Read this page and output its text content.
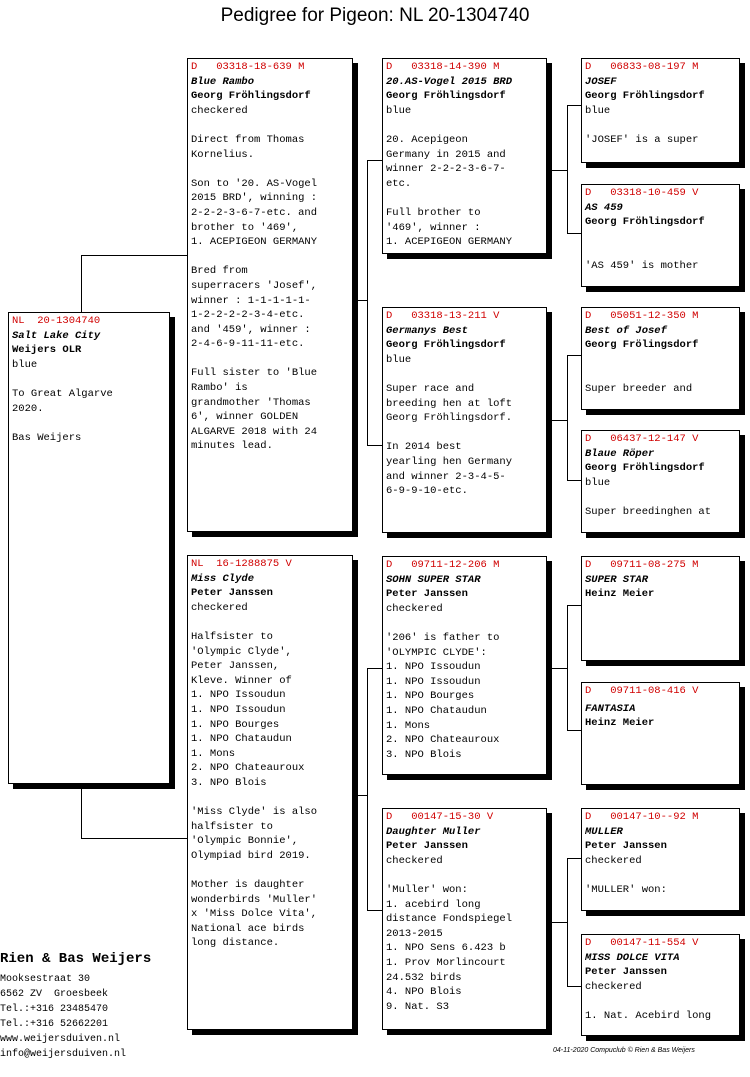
Pedigree for Pigeon: NL 20-1304740
NL  20-1304740
Salt Lake City
Weijers OLR
blue

To Great Algarve
2020.

Bas Weijers
D   03318-18-639 M
Blue Rambo
Georg Fröhlingsdorf
checkered

Direct from Thomas
Kornelius.

Son to '20. AS-Vogel
2015 BRD', winning :
2-2-2-3-6-7-etc. and
brother to '469',
1. ACEPIGEON GERMANY

Bred from
superracers 'Josef',
winner : 1-1-1-1-1-
1-2-2-2-2-3-4-etc.
and '459', winner :
2-4-6-9-11-11-etc.

Full sister to 'Blue
Rambo' is
grandmother 'Thomas
6', winner GOLDEN
ALGARVE 2018 with 24
minutes lead.
NL  16-1288875 V
Miss Clyde
Peter Janssen
checkered

Halfsister to
'Olympic Clyde',
Peter Janssen,
Kleve. Winner of
1. NPO Issoudun
1. NPO Issoudun
1. NPO Bourges
1. NPO Chataudun
1. Mons
2. NPO Chateauroux
3. NPO Blois

'Miss Clyde' is also
halfsister to
'Olympic Bonnie',
Olympiad bird 2019.

Mother is daughter
wonderbirds 'Muller'
x 'Miss Dolce Vita',
National ace birds
long distance.
D   03318-14-390 M
20.AS-Vogel 2015 BRD
Georg Fröhlingsdorf
blue

20. Acepigeon
Germany in 2015 and
winner 2-2-2-3-6-7-
etc.

Full brother to
'469', winner :
1. ACEPIGEON GERMANY
D   03318-13-211 V
Germanys Best
Georg Fröhlingsdorf
blue

Super race and
breeding hen at loft
Georg Fröhlingsdorf.

In 2014 best
yearling hen Germany
and winner 2-3-4-5-
6-9-9-10-etc.
D   09711-12-206 M
SOHN SUPER STAR
Peter Janssen
checkered

'206' is father to
'OLYMPIC CLYDE':
1. NPO Issoudun
1. NPO Issoudun
1. NPO Bourges
1. NPO Chataudun
1. Mons
2. NPO Chateauroux
3. NPO Blois
D   00147-15-30 V
Daughter Muller
Peter Janssen
checkered

'Muller' won:
1. acebird long
distance Fondspiegel
2013-2015
1. NPO Sens 6.423 b
1. Prov Morlincourt
24.532 birds
4. NPO Blois
9. Nat. S3
D   06833-08-197 M
JOSEF
Georg Fröhlingsdorf
blue

'JOSEF' is a super
D   03318-10-459 V
AS 459
Georg Fröhlingsdorf

'AS 459' is mother
D   05051-12-350 M
Best of Josef
Georg Frölingsdorf

Super breeder and
D   06437-12-147 V
Blaue Röper
Georg Fröhlingsdorf
blue

Super breedinghen at
D   09711-08-275 M
SUPER STAR
Heinz Meier
D   09711-08-416 V
FANTASIA
Heinz Meier
D   00147-10--92 M
MULLER
Peter Janssen
checkered

'MULLER' won:
D   00147-11-554 V
MISS DOLCE VITA
Peter Janssen
checkered

1. Nat. Acebird long
Rien & Bas Weijers
Mooksestraat 30
6562 ZV  Groesbeek
Tel.:+316 23485470
Tel.:+316 52662201
www.weijersduiven.nl
info@weijersduiven.nl	04-11-2020 Compuclub © Rien & Bas Weijers
